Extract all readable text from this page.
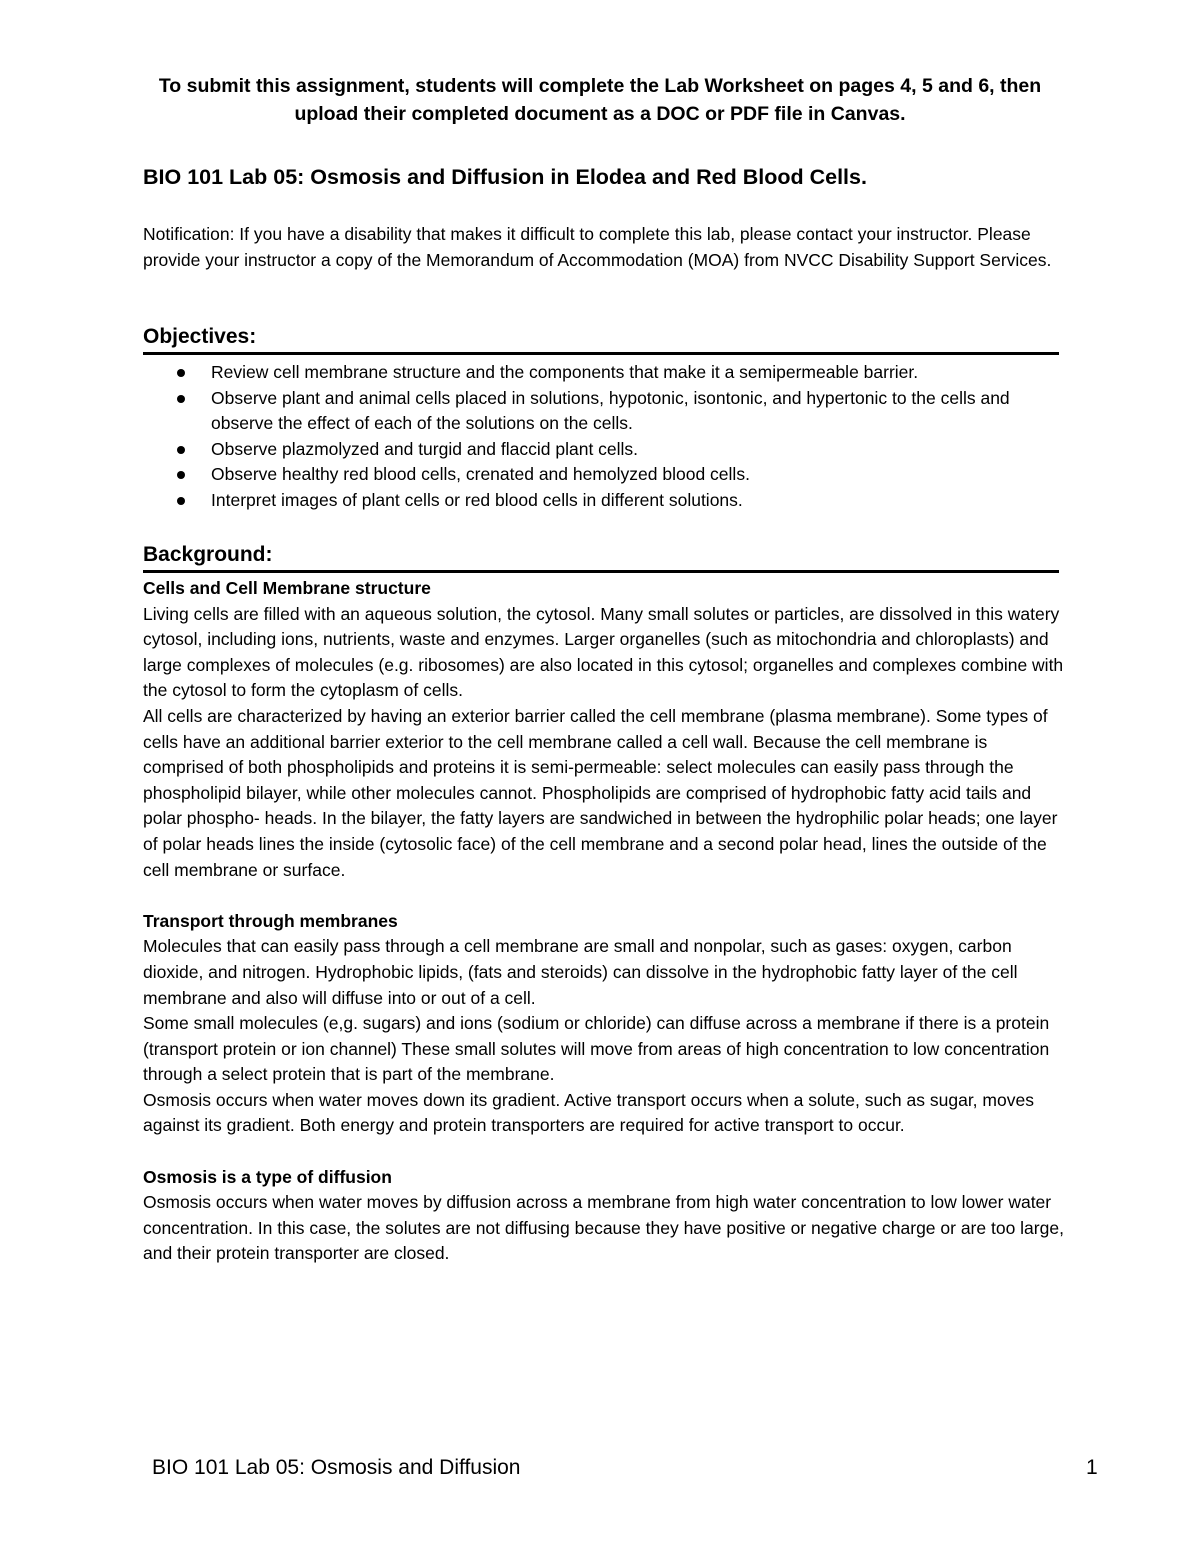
To submit this assignment, students will complete the Lab Worksheet on pages 4, 5 and 6, then
upload their completed document as a DOC or PDF file in Canvas.
BIO 101 Lab 05: Osmosis and Diffusion in Elodea and Red Blood Cells.
Notification: If you have a disability that makes it difficult to complete this lab, please contact your instructor. Please provide your instructor a copy of the Memorandum of Accommodation (MOA) from NVCC Disability Support Services.
Objectives:
Review cell membrane structure and the components that make it a semipermeable barrier.
Observe plant and animal cells placed in solutions, hypotonic, isontonic, and hypertonic to the cells and observe the effect of each of the solutions on the cells.
Observe plazmolyzed and turgid and flaccid plant cells.
Observe healthy red blood cells, crenated and hemolyzed blood cells.
Interpret images of plant cells or red blood cells in different solutions.
Background:

Cells and Cell Membrane structure

Living cells are filled with an aqueous solution, the cytosol. Many small solutes or particles, are dissolved in this watery cytosol, including ions, nutrients, waste and enzymes. Larger organelles (such as mitochondria and chloroplasts) and large complexes of molecules (e.g. ribosomes) are also located in this cytosol; organelles and complexes combine with the cytosol to form the cytoplasm of cells.

All cells are characterized by having an exterior barrier called the cell membrane (plasma membrane). Some types of cells have an additional barrier exterior to the cell membrane called a cell wall. Because the cell membrane is comprised of both phospholipids and proteins it is semi-permeable: select molecules can easily pass through the phospholipid bilayer, while other molecules cannot. Phospholipids are comprised of hydrophobic fatty acid tails and polar phospho- heads. In the bilayer, the fatty layers are sandwiched in between the hydrophilic polar heads; one layer of polar heads lines the inside (cytosolic face) of the cell membrane and a second polar head, lines the outside of the cell membrane or surface.

Transport through membranes

Molecules that can easily pass through a cell membrane are small and nonpolar, such as gases: oxygen, carbon dioxide, and nitrogen. Hydrophobic lipids, (fats and steroids) can dissolve in the hydrophobic fatty layer of the cell membrane and also will diffuse into or out of a cell.

Some small molecules (e,g. sugars) and ions (sodium or chloride) can diffuse across a membrane if there is a protein (transport protein or ion channel) These small solutes will move from areas of high concentration to low concentration through a select protein that is part of the membrane.

Osmosis occurs when water moves down its gradient. Active transport occurs when a solute, such as sugar, moves against its gradient. Both energy and protein transporters are required for active transport to occur.

Osmosis is a type of diffusion

Osmosis occurs when water moves by diffusion across a membrane from high water concentration to low lower water concentration. In this case, the solutes are not diffusing because they have positive or negative charge or are too large, and their protein transporter are closed.

BIO 101 Lab 05: Osmosis and Diffusion	1
